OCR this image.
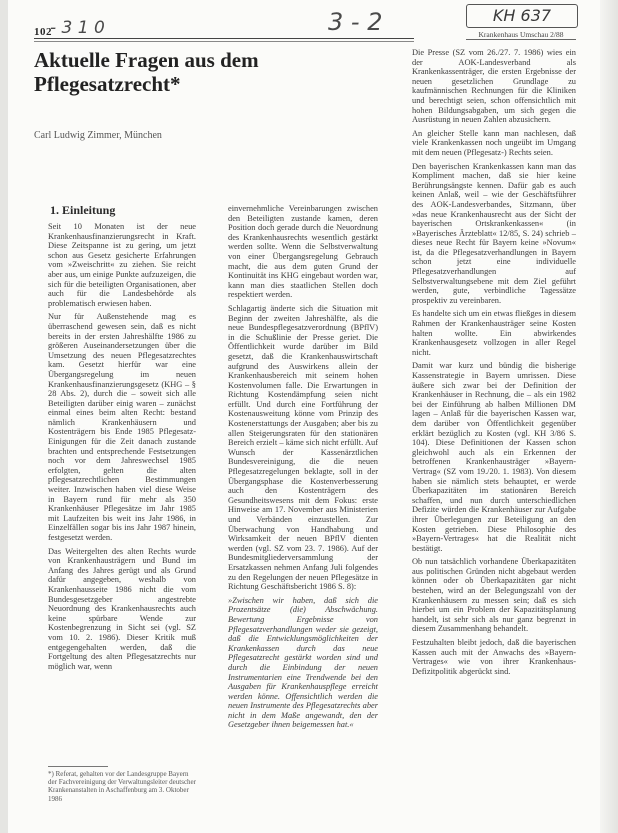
102
- 3 1 0	3 - 2	KH 637
Krankenhaus Umschau 2/88
Aktuelle Fragen aus dem Pflegesatzrecht*
Carl Ludwig Zimmer, München
1. Einleitung

Seit 10 Monaten ist der neue Krankenhausfinanzierungsrecht in Kraft. Diese Zeitspanne ist zu gering, um jetzt schon aus Gesetz gesicherte Erfahrungen vom »Zweischritt« zu ziehen. Sie reicht aber aus, um einige Punkte aufzuzeigen, die sich für die beteiligten Organisationen, aber auch für die Landesbehörde als problematisch erwiesen haben.

Nur für Außenstehende mag es überraschend gewesen sein, daß es nicht bereits in der ersten Jahreshälfte 1986 zu größeren Auseinandersetzungen über die Umsetzung des neuen Pflegesatzrechtes kam. Gesetzt hierfür war eine Übergangsregelung im neuen Krankenhausfinanzierungsgesetz (KHG – § 28 Abs. 2), durch die – soweit sich alle Beteiligten darüber einig waren – zunächst einmal eines beim alten Recht: bestand nämlich Krankenhäusern und Kostenträgern bis Ende 1985 Pflegesatz-Einigungen für die Zeit danach zustande brachten und entsprechende Festsetzungen noch vor dem Jahreswechsel 1985 erfolgten, gelten die alten pflegesatzrechtlichen Bestimmungen weiter. Inzwischen haben viel diese Weise in Bayern rund für mehr als 350 Krankenhäuser Pflegesätze im Jahr 1985 mit Laufzeiten bis weit ins Jahr 1986, in Einzelfällen sogar bis ins Jahr 1987 hinein, festgesetzt werden.

Das Weitergelten des alten Rechts wurde von Krankenhausträgern und Bund im Anfang des Jahres gerügt und als Grund dafür angegeben, weshalb von Krankenhausseite 1986 nicht die vom Bundesgesetzgeber angestrebte Neuordnung des Krankenhausrechts auch keine spürbare Wende zur Kostenbegrenzung in Sicht sei (vgl. SZ vom 10. 2. 1986). Dieser Kritik muß entgegengehalten werden, daß die Fortgeltung des alten Pflegesatzrechts nur möglich war, wenn

*) Referat, gehalten vor der Landesgruppe Bayern der Fachvereinigung der Verwaltungsleiter deutscher Krankenanstalten in Aschaffenburg am 3. Oktober 1986

einvernehmliche Vereinbarungen zwischen den Beteiligten zustande kamen, deren Position doch gerade durch die Neuordnung des Krankenhausrechts wesentlich gestärkt werden sollte. Wenn die Selbstverwaltung von einer Übergangsregelung Gebrauch macht, die aus dem guten Grund der Kontinuität ins KHG eingebaut worden war, kann man dies staatlichen Stellen doch respektiert werden.

Schlagartig änderte sich die Situation mit Beginn der zweiten Jahreshälfte, als die neue Bundespflegesatzverordnung (BPflV) in die Schußlinie der Presse geriet. Die Öffentlichkeit wurde darüber im Bild gesetzt, daß die Krankenhauswirtschaft aufgrund des Auswirkens allein der Krankenhausbereich mit seinem hohen Kostenvolumen falle. Die Erwartungen in Richtung Kostendämpfung seien nicht erfüllt. Und durch eine Fortführung der Kostenausweitung könne vom Prinzip des Kostenerstattungs der Ausgaben; aber bis zu allen Steigerungsraten für den stationären Bereich erzielt – käme sich nicht erfüllt. Auf Wunsch der Kassenärztlichen Bundesvereinigung, die die neuen Pflegesatzregelungen beklagte, soll in der Übergangsphase die Kostenverbesserung auch den Kostenträgern des Gesundheitswesens mit dem Fokus: erste Hinweise am 17. November aus Ministerien und Verbänden einzustellen. Zur Überwachung von Handhabung und Wirksamkeit der neuen BPflV dienten werden (vgl. SZ vom 23. 7. 1986). Auf der Bundesmitgliederversammlung der Ersatzkassen nehmen Anfang Juli folgendes zu den Regelungen der neuen Pflegesätze in Richtung Geschäftsbericht 1986 S. 8):

»Zwischen wir haben, daß sich die Prozentsätze (die) Abschwächung. Bewertung Ergebnisse von Pflegesatzverhandlungen weder sie gezeigt, daß die Entwicklungsmöglichkeiten der Krankenkassen durch das neue Pflegesatzrecht gestärkt worden sind und durch die Einbindung der neuen Instrumentarien eine Trendwende bei den Ausgaben für Krankenhauspflege erreicht werden könne. Offensichtlich werden die neuen Instrumente des Pflegesatzrechts aber nicht in dem Maße angewandt, den der Gesetzgeber ihnen beigemessen hat.«

Die Presse (SZ vom 26./27. 7. 1986) wies ein der AOK-Landesverband als Krankenkassenträger, die ersten Ergebnisse der neuen gesetzlichen Grundlage zu kaufmännischen Rechnungen für die Kliniken und berechtigt seien, schon offensichtlich mit hohen Bildungsabgaben, um sich gegen die Ausrüstung in neuen Zahlen abzusichern.

An gleicher Stelle kann man nachlesen, daß viele Krankenkassen noch ungeübt im Umgang mit dem neuen (Pflegesatz-) Rechts seien.

Den bayerischen Krankenkassen kann man das Kompliment machen, daß sie hier keine Berührungsängste kennen. Dafür gab es auch keinen Anlaß, weil – wie der Geschäftsführer des AOK-Landesverbandes, Sitzmann, über »das neue Krankenhausrecht aus der Sicht der bayerischen Ortskrankenkassen« (in »Bayerisches Ärzteblatt« 12/85, S. 24) schrieb – dieses neue Recht für Bayern keine »Novum« ist, da die Pflegesatzverhandlungen in Bayern schon jetzt eine individuelle Pflegesatzverhandlungen auf Selbstverwaltungsebene mit dem Ziel geführt werden, gute, verbindliche Tagessätze prospektiv zu vereinbaren.

Es handelte sich um ein etwas fließges in diesem Rahmen der Krankenhausträger seine Kosten halten wollte. Ein abwirkendes Krankenhausgesetz vollzogen in aller Regel nicht.

Damit war kurz und bündig die bisherige Kassenstrategie in Bayern umrissen. Diese äußere sich zwar bei der Definition der Krankenhäuser in Rechnung, die – als ein 1982 bei der Einführung ab halben Millionen DM lagen – Anlaß für die bayerischen Kassen war, dem darüber von Öffentlichkeit gegenüber erklärt bezüglich zu Kosten (vgl. KH 3/86 S. 104). Diese Definitionen der Kassen schon gleichwohl auch als ein Erkennen der betroffenen Krankenhausträger »Bayern-Vertrag« (SZ vom 19./20. 1. 1983). Von diesem haben sie nämlich stets behauptet, er werde Überkapazitäten im stationären Bereich schaffen, und nun durch unterschiedlichen Defizite würden die Krankenhäuser zur Aufgabe ihrer Überlegungen zur Beteiligung an den Kosten getrieben. Diese Philosophie des »Bayern-Vertrages« hat die Realität nicht bestätigt.

Ob nun tatsächlich vorhandene Überkapazitäten aus politischen Gründen nicht abgebaut werden können oder ob Überkapazitäten gar nicht bestehen, wird an der Belegungszahl von der Krankenhäusern zu messen sein; daß es sich hierbei um ein Problem der Kapazitätsplanung handelt, ist sehr sich als nur ganz begrenzt in diesem Zusammenhang behandelt.

Festzuhalten bleibt jedoch, daß die bayerischen Kassen auch mit der Anwachs des »Bayern-Vertrages« wie von ihrer Krankenhaus-Defizitpolitik abgerückt sind.
